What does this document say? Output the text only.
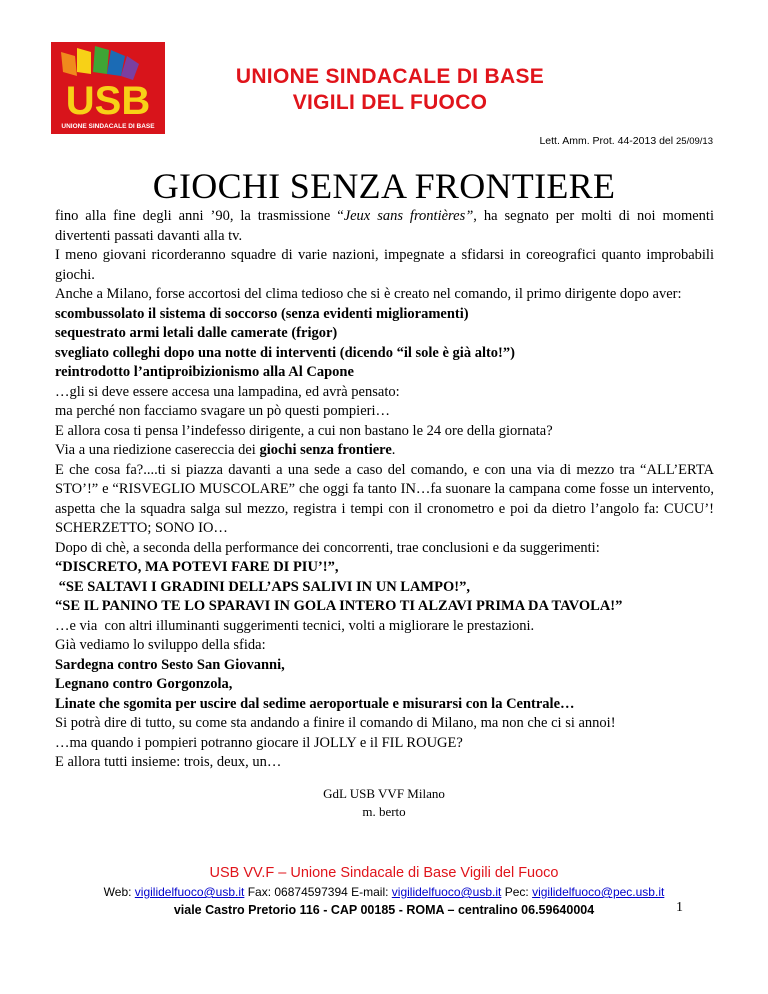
USB
UNIONE SINDACALE DI BASE
UNIONE SINDACALE DI BASE
VIGILI DEL FUOCO
Lett. Amm. Prot. 44-2013 del 25/09/13
GIOCHI SENZA FRONTIERE

fino alla fine degli anni ’90, la trasmissione “Jeux sans frontières”, ha segnato per molti di noi momenti divertenti passati davanti alla tv.

I meno giovani ricorderanno squadre di varie nazioni, impegnate a sfidarsi in coreografici quanto improbabili giochi.

Anche a Milano, forse accortosi del clima tedioso che si è creato nel comando, il primo dirigente dopo aver:

scombussolato il sistema di soccorso (senza evidenti miglioramenti)

sequestrato armi letali dalle camerate (frigor)

svegliato colleghi dopo una notte di interventi (dicendo “il sole è già alto!”)

reintrodotto l’antiproibizionismo alla Al Capone

…gli si deve essere accesa una lampadina, ed avrà pensato:

ma perché non facciamo svagare un pò questi pompieri…

E allora cosa ti pensa l’indefesso dirigente, a cui non bastano le 24 ore della giornata?

Via a una riedizione casereccia dei giochi senza frontiere.

E che cosa fa?....ti si piazza davanti a una sede a caso del comando, e con una via di mezzo tra “ALL’ERTA STO’!” e “RISVEGLIO MUSCOLARE” che oggi fa tanto IN…fa suonare la campana come fosse un intervento, aspetta che la squadra salga sul mezzo, registra i tempi con il cronometro e poi da dietro l’angolo fa: CUCU’! SCHERZETTO; SONO IO…

Dopo di chè, a seconda della performance dei concorrenti, trae conclusioni e da suggerimenti:

“DISCRETO, MA POTEVI FARE DI PIU’!”,

“SE SALTAVI I GRADINI DELL’APS SALIVI IN UN LAMPO!”,

“SE IL PANINO TE LO SPARAVI IN GOLA INTERO TI ALZAVI PRIMA DA TAVOLA!”

…e via  con altri illuminanti suggerimenti tecnici, volti a migliorare le prestazioni.

Già vediamo lo sviluppo della sfida:

Sardegna contro Sesto San Giovanni,

Legnano contro Gorgonzola,

Linate che sgomita per uscire dal sedime aeroportuale e misurarsi con la Centrale…

Si potrà dire di tutto, su come sta andando a finire il comando di Milano, ma non che ci si annoi!

…ma quando i pompieri potranno giocare il JOLLY e il FIL ROUGE?

E allora tutti insieme: trois, deux, un…

GdL USB VVF Milano
m. berto
USB VV.F – Unione Sindacale di Base Vigili del Fuoco
Web: vigilidelfuoco@usb.it Fax: 06874597394 E-mail: vigilidelfuoco@usb.it Pec: vigilidelfuoco@pec.usb.it
viale Castro Pretorio 116 - CAP 00185 - ROMA – centralino 06.59640004	1
